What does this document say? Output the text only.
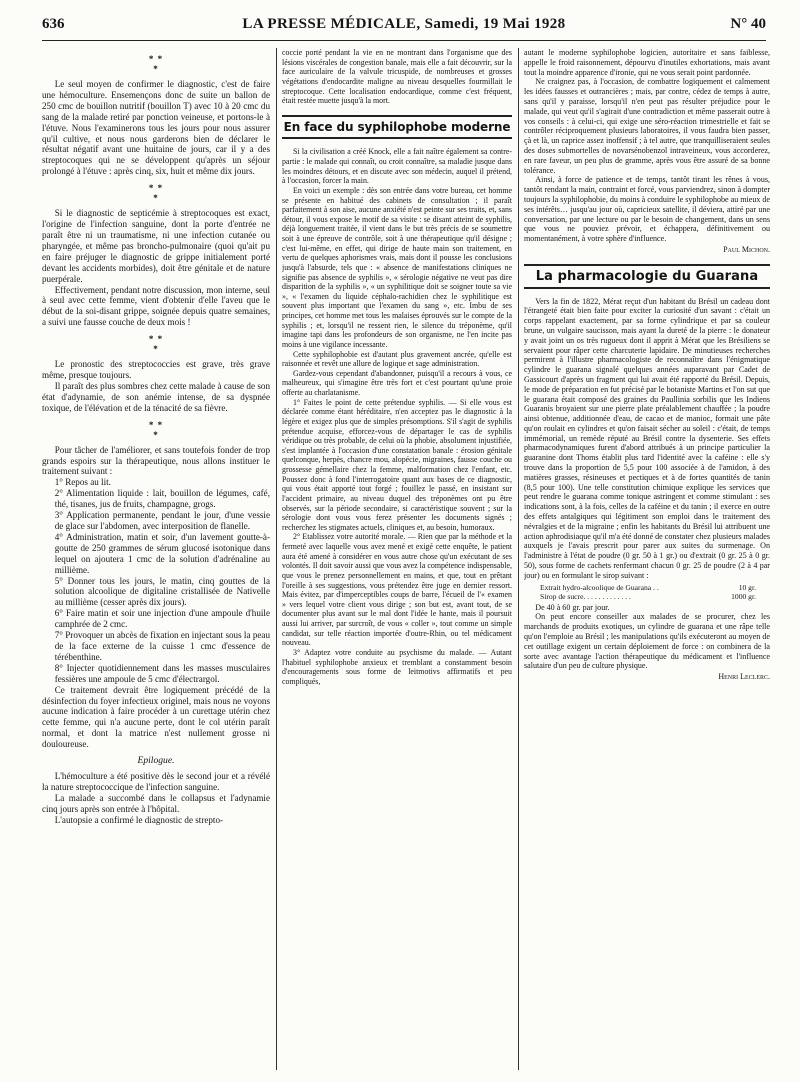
636	LA PRESSE MÉDICALE, Samedi, 19 Mai 1928	N° 40
* *
*

Le seul moyen de confirmer le diagnostic, c'est de faire une hémoculture. Ensemençons donc de suite un ballon de 250 cmc de bouillon nutritif (bouillon T) avec 10 à 20 cmc du sang de la malade retiré par ponction veineuse, et portons-le à l'étuve. Nous l'examinerons tous les jours pour nous assurer qu'il cultive, et nous nous garderons bien de déclarer le résultat négatif avant une huitaine de jours, car il y a des streptocoques qui ne se développent qu'après un séjour prolongé à l'étuve : après cinq, six, huit et même dix jours.

* *
*

Si le diagnostic de septicémie à streptocoques est exact, l'origine de l'infection sanguine, dont la porte d'entrée ne paraît être ni un traumatisme, ni une infection cutanée ou pharyngée, et même pas broncho-pulmonaire (quoi qu'ait pu en faire préjuger le diagnostic de grippe initialement porté devant les accidents morbides), doit être génitale et de nature puerpérale.

Effectivement, pendant notre discussion, mon interne, seul à seul avec cette femme, vient d'obtenir d'elle l'aveu que le début de la soi-disant grippe, soignée depuis quatre semaines, a suivi une fausse couche de deux mois !

* *
*

Le pronostic des streptococcies est grave, très grave même, presque toujours.

Il paraît des plus sombres chez cette malade à cause de son état d'adynamie, de son anémie intense, de sa dyspnée toxique, de l'élévation et de la ténacité de sa fièvre.

* *
*

Pour tâcher de l'améliorer, et sans toutefois fonder de trop grands espoirs sur la thérapeutique, nous allons instituer le traitement suivant :

1° Repos au lit.

2° Alimentation liquide : lait, bouillon de légumes, café, thé, tisanes, jus de fruits, champagne, grogs.

3° Application permanente, pendant le jour, d'une vessie de glace sur l'abdomen, avec interposition de flanelle.

4° Administration, matin et soir, d'un lavement goutte-à-goutte de 250 grammes de sérum glucosé isotonique dans lequel on ajoutera 1 cmc de la solution d'adrénaline au millième.

5° Donner tous les jours, le matin, cinq gouttes de la solution alcoolique de digitaline cristallisée de Nativelle au millième (cesser après dix jours).

6° Faire matin et soir une injection d'une ampoule d'huile camphrée de 2 cmc.

7° Provoquer un abcès de fixation en injectant sous la peau de la face externe de la cuisse 1 cmc d'essence de térébenthine.

8° Injecter quotidiennement dans les masses musculaires fessières une ampoule de 5 cmc d'électrargol.

Ce traitement devrait être logiquement précédé de la désinfection du foyer infectieux originel, mais nous ne voyons aucune indication à faire procéder à un curettage utérin chez cette femme, qui n'a aucune perte, dont le col utérin paraît normal, et dont la matrice n'est nullement grosse ni douloureuse.

Epilogue.

L'hémoculture a été positive dès le second jour et a révélé la nature streptococcique de l'infection sanguine.

La malade a succombé dans le collapsus et l'adynamie cinq jours après son entrée à l'hôpital.

L'autopsie a confirmé le diagnostic de strepto-

coccie porté pendant la vie en ne montrant dans l'organisme que des lésions viscérales de congestion banale, mais elle a fait découvrir, sur la face auriculaire de la valvule tricuspide, de nombreuses et grosses végétations d'endocardite maligne au niveau desquelles fourmillait le streptocoque. Cette localisation endocardique, comme c'est fréquent, était restée muette jusqu'à la mort.

En face du syphilophobe moderne

Si la civilisation a créé Knock, elle a fait naître également sa contre-partie : le malade qui connaît, ou croit connaître, sa maladie jusque dans les moindres détours, et en discute avec son médecin, auquel il prétend, à l'occasion, forcer la main.

En voici un exemple : dès son entrée dans votre bureau, cet homme se présente en habitué des cabinets de consultation ; il paraît parfaitement à son aise, aucune anxiété n'est peinte sur ses traits, et, sans détour, il vous expose le motif de sa visite : se disant atteint de syphilis, déjà longuement traitée, il vient dans le but très précis de se soumettre soit à une épreuve de contrôle, soit à une thérapeutique qu'il désigne ; c'est lui-même, en effet, qui dirige de haute main son traitement, en vertu de quelques aphorismes vrais, mais dont il pousse les conclusions jusqu'à l'absurde, tels que : « absence de manifestations cliniques ne signifie pas absence de syphilis », « sérologie négative ne veut pas dire disparition de la syphilis », « un syphilitique doit se soigner toute sa vie », « l'examen du liquide céphalo-rachidien chez le syphilitique est souvent plus important que l'examen du sang », etc. Imbu de ses principes, cet homme met tous les malaises éprouvés sur le compte de la syphilis ; et, lorsqu'il ne ressent rien, le silence du tréponème, qu'il imagine tapi dans les profondeurs de son organisme, ne l'en incite pas moins à une vigilance incessante.

Cette syphilophobie est d'autant plus gravement ancrée, qu'elle est raisonnée et revêt une allure de logique et sage administration.

Gardez-vous cependant d'abandonner, puisqu'il a recours à vous, ce malheureux, qui s'imagine être très fort et c'est pourtant qu'une proie offerte au charlatanisme.

1° Faites le point de cette prétendue syphilis. — Si elle vous est déclarée comme étant héréditaire, n'en acceptez pas le diagnostic à la légère et exigez plus que de simples présomptions. S'il s'agit de syphilis prétendue acquise, efforcez-vous de départager le cas de syphilis véridique ou très probable, de celui où la phobie, absolument injustifiée, s'est implantée à l'occasion d'une constatation banale : érosion génitale quelconque, herpès, chancre mou, alopécie, migraines, fausse couche ou grossesse gémellaire chez la femme, malformation chez l'enfant, etc. Poussez donc à fond l'interrogatoire quant aux bases de ce diagnostic, qui vous était apporté tout forgé ; fouillez le passé, en insistant sur l'accident primaire, au niveau duquel des tréponèmes ont pu être observés, sur la période secondaire, si caractéristique souvent ; sur la sérologie dont vous vous ferez présenter les documents signés ; recherchez les stigmates actuels, cliniques et, au besoin, humoraux.

2° Etablissez votre autorité morale. — Rien que par la méthode et la fermeté avec laquelle vous avez mené et exigé cette enquête, le patient aura été amené à considérer en vous autre chose qu'un exécutant de ses volontés. Il doit savoir aussi que vous avez la compétence indispensable, que vous le prenez personnellement en mains, et que, tout en prêtant l'oreille à ses suggestions, vous prétendez être juge en dernier ressort. Mais évitez, par d'imperceptibles coups de barre, l'écueil de l'« examen » vers lequel votre client vous dirige ; son but est, avant tout, de se documenter plus avant sur le mal dont l'idée le hante, mais il poursuit aussi lui arriver, par surcroît, de vous « coller », tout comme un simple candidat, sur telle réaction importée d'outre-Rhin, ou tel médicament nouveau.

3° Adaptez votre conduite au psychisme du malade. — Autant l'habituel syphilophobe anxieux et tremblant a constamment besoin d'encouragements sous forme de leitmotivs affirmatifs et peu compliqués,

autant le moderne syphilophobe logicien, autoritaire et sans faiblesse, appelle le froid raisonnement, dépourvu d'inutiles exhortations, mais avant tout la moindre apparence d'ironie, qui ne vous serait point pardonnée.

Ne craignez pas, à l'occasion, de combattre logiquement et calmement les idées fausses et outrancières ; mais, par contre, cédez de temps à autre, sans qu'il y paraisse, lorsqu'il n'en peut pas résulter préjudice pour le malade, qui veut qu'il s'agirait d'une contradiction et même passerait outre à vos conseils : à celui-ci, qui exige une séro-réaction trimestrielle et fait se contrôler réciproquement plusieurs laboratoires, il vous faudra bien passer, çà et là, un caprice assez inoffensif ; à tel autre, que tranquilliseraient seules des doses submortelles de novarsénobenzol intraveineux, vous accorderez, en rare faveur, un peu plus de gramme, après vous être assuré de sa bonne tolérance.

Ainsi, à force de patience et de temps, tantôt tirant les rênes à vous, tantôt rendant la main, contraint et forcé, vous parviendrez, sinon à dompter toujours la syphilophobie, du moins à conduire le syphilophobe au mieux de ses intérêts… jusqu'au jour où, capricieux satellite, il déviera, attiré par une conversation, par une lecture ou par le besoin de changement, dans un sens que vous ne pouviez prévoir, et échappera, définitivement ou momentanément, à votre sphère d'influence.

Paul Michon.
La pharmacologie du Guarana

Vers la fin de 1822, Mérat reçut d'un habitant du Brésil un cadeau dont l'étrangeté était bien faite pour exciter la curiosité d'un savant : c'était un corps rappelant exactement, par sa forme cylindrique et par sa couleur brune, un vulgaire saucisson, mais ayant la dureté de la pierre : le donateur y avait joint un os très rugueux dont il apprit à Mérat que les Brésiliens se servaient pour râper cette charcuterie lapidaire. De minutieuses recherches permirent à l'illustre pharmacologiste de reconnaître dans l'énigmatique cylindre le guarana signalé quelques années auparavant par Cadet de Gassicourt d'après un fragment qui lui avait été rapporté du Brésil. Depuis, le mode de préparation en fut précisé par le botaniste Martins et l'on sut que le guarana était composé des graines du Paullinia sorbilis que les Indiens Guaranis broyaient sur une pierre plate préalablement chauffée ; la poudre ainsi obtenue, additionnée d'eau, de cacao et de manioc, formait une pâte qu'on roulait en cylindres et qu'on faisait sécher au soleil : c'était, de temps immémorial, un remède réputé au Brésil contre la dysenterie. Ses effets pharmacodynamiques furent d'abord attribués à un principe particulier la guaranine dont Thoms établit plus tard l'identité avec la caféine : elle s'y trouve dans la proportion de 5,5 pour 100 associée à de l'amidon, à des matières grasses, résineuses et pectiques et à de fortes quantités de tanin (8,5 pour 100). Une telle constitution chimique explique les services que peut rendre le guarana comme tonique astringent et comme stimulant : ses indications sont, à la fois, celles de la caféine et du tanin ; il exerce en outre des effets antalgiques qui légitiment son emploi dans le traitement des névralgies et de la migraine ; enfin les habitants du Brésil lui attribuent une action aphrodisiaque qu'il m'a été donné de constater chez plusieurs malades auxquels je l'avais prescrit pour parer aux suites du surmenage. On l'administre à l'état de poudre (0 gr. 50 à 1 gr.) ou d'extrait (0 gr. 25 à 0 gr. 50), sous forme de cachets renfermant chacun 0 gr. 25 de poudre (2 à 4 par jour) ou en formulant le sirop suivant :

Extrait hydro-alcoolique de Guarana . .	10 gr.
Sirop de sucre. . . . . . . . . . . . .	1000 gr.

De 40 à 60 gr. par jour.

On peut encore conseiller aux malades de se procurer, chez les marchands de produits exotiques, un cylindre de guarana et une râpe telle qu'on l'emploie au Brésil ; les manipulations qu'ils exécuteront au moyen de cet outillage exigent un certain déploiement de force : on combinera de la sorte avec avantage l'action thérapeutique du médicament et l'influence salutaire d'un peu de culture physique.

Henri Leclerc.
